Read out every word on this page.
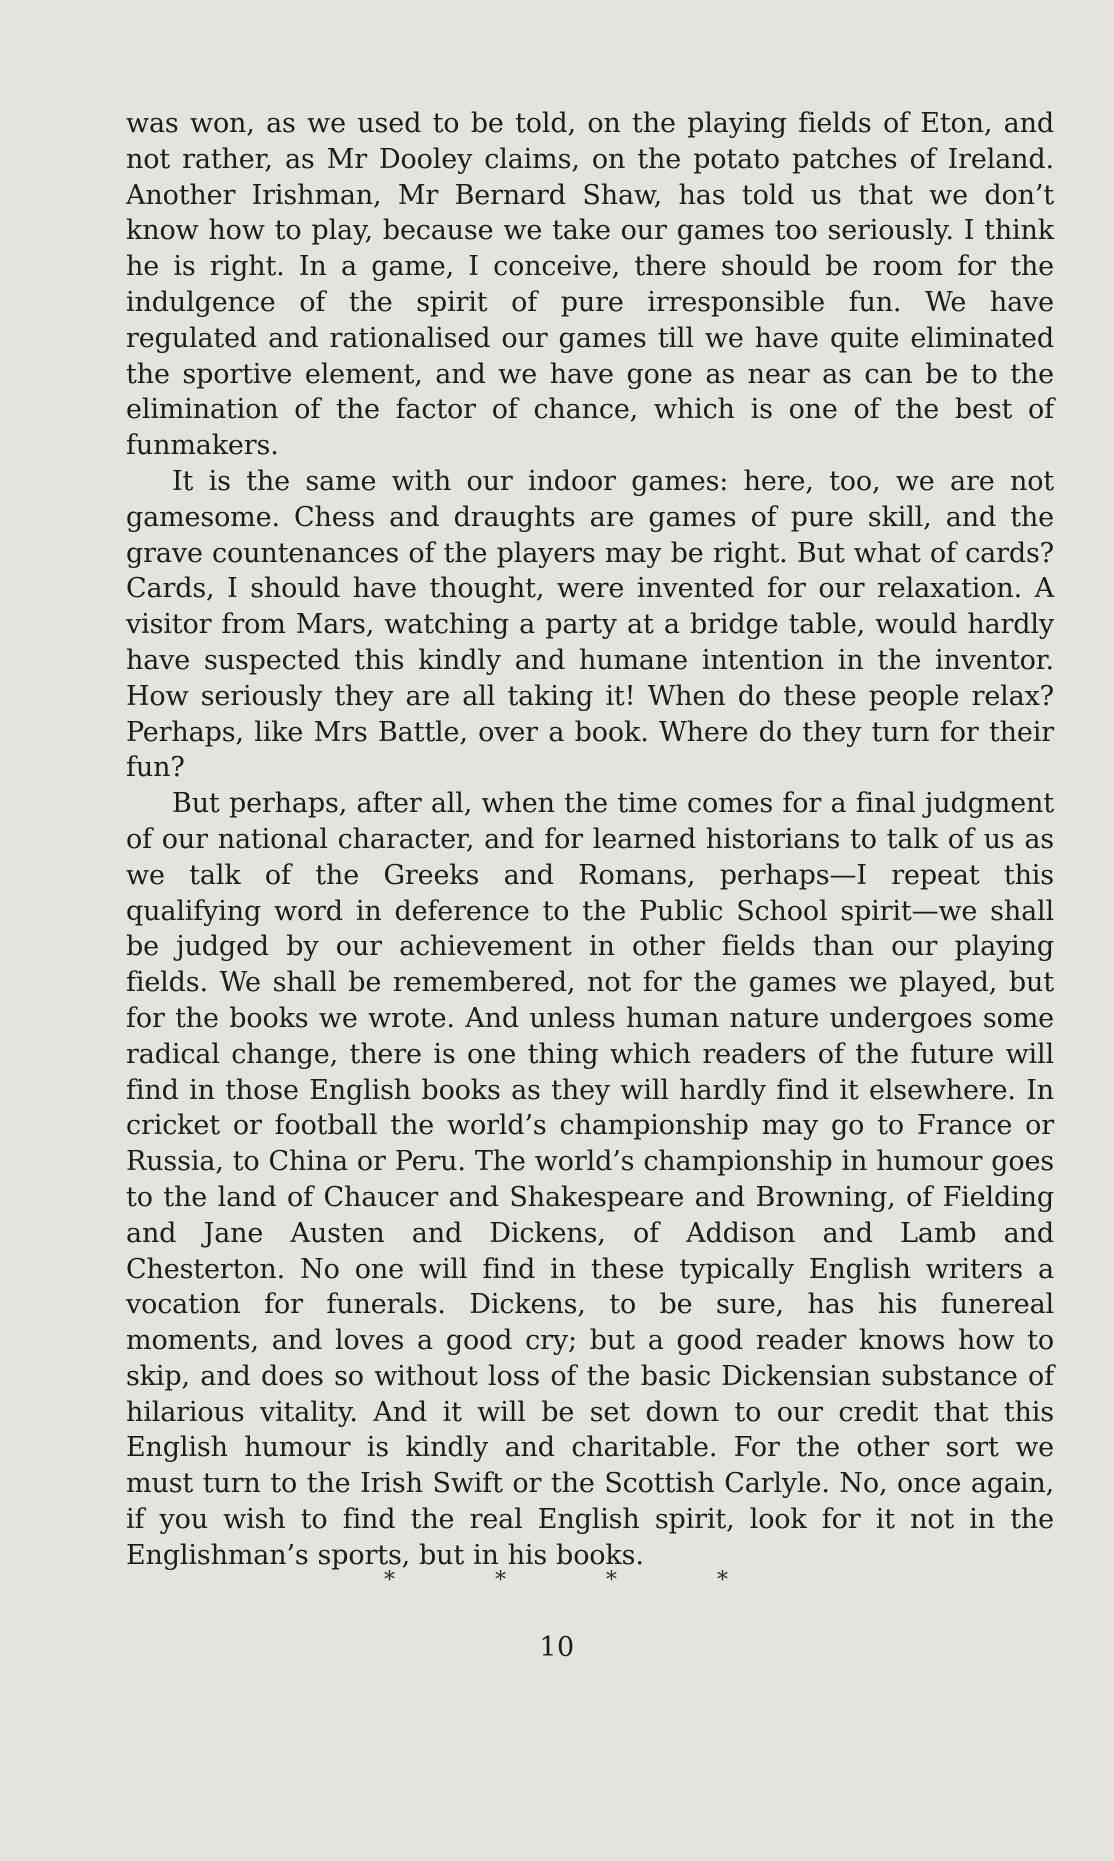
was won, as we used to be told, on the playing fields of Eton, and not rather, as Mr Dooley claims, on the potato patches of Ireland. Another Irishman, Mr Bernard Shaw, has told us that we don’t know how to play, because we take our games too seriously. I think he is right. In a game, I conceive, there should be room for the indulgence of the spirit of pure irresponsible fun. We have regulated and rationalised our games till we have quite eliminated the sportive element, and we have gone as near as can be to the elimination of the factor of chance, which is one of the best of funmakers.

It is the same with our indoor games: here, too, we are not gamesome. Chess and draughts are games of pure skill, and the grave countenances of the players may be right. But what of cards? Cards, I should have thought, were invented for our relaxation. A visitor from Mars, watching a party at a bridge table, would hardly have suspected this kindly and humane intention in the inventor. How seriously they are all taking it! When do these people relax? Perhaps, like Mrs Battle, over a book. Where do they turn for their fun?

But perhaps, after all, when the time comes for a final judgment of our national character, and for learned historians to talk of us as we talk of the Greeks and Romans, perhaps—I repeat this qualifying word in deference to the Public School spirit—we shall be judged by our achievement in other fields than our playing fields. We shall be remembered, not for the games we played, but for the books we wrote. And unless human nature undergoes some radical change, there is one thing which readers of the future will find in those English books as they will hardly find it elsewhere. In cricket or football the world’s championship may go to France or Russia, to China or Peru. The world’s championship in humour goes to the land of Chaucer and Shakespeare and Browning, of Fielding and Jane Austen and Dickens, of Addison and Lamb and Chesterton. No one will find in these typically English writers a vocation for funerals. Dickens, to be sure, has his funereal moments, and loves a good cry; but a good reader knows how to skip, and does so without loss of the basic Dickensian substance of hilarious vitality. And it will be set down to our credit that this English humour is kindly and charitable. For the other sort we must turn to the Irish Swift or the Scottish Carlyle. No, once again, if you wish to find the real English spirit, look for it not in the Englishman’s sports, but in his books.

*	*	*	*
10
